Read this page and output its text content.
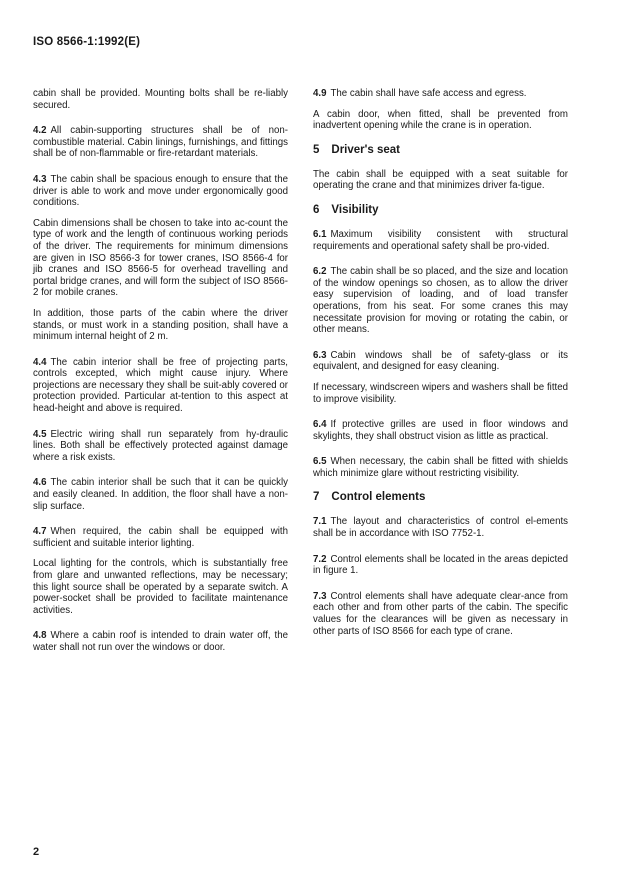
ISO 8566-1:1992(E)

cabin shall be provided. Mounting bolts shall be re-liably secured.

4.2 All cabin-supporting structures shall be of non-combustible material. Cabin linings, furnishings, and fittings shall be of non-flammable or fire-retardant materials.

4.3 The cabin shall be spacious enough to ensure that the driver is able to work and move under ergonomically good conditions.

Cabin dimensions shall be chosen to take into ac-count the type of work and the length of continuous working periods of the driver. The requirements for minimum dimensions are given in ISO 8566-3 for tower cranes, ISO 8566-4 for jib cranes and ISO 8566-5 for overhead travelling and portal bridge cranes, and will form the subject of ISO 8566-2 for mobile cranes.

In addition, those parts of the cabin where the driver stands, or must work in a standing position, shall have a minimum internal height of 2 m.

4.4 The cabin interior shall be free of projecting parts, controls excepted, which might cause injury. Where projections are necessary they shall be suit-ably covered or protection provided. Particular at-tention to this aspect at head-height and above is required.

4.5 Electric wiring shall run separately from hy-draulic lines. Both shall be effectively protected against damage where a risk exists.

4.6 The cabin interior shall be such that it can be quickly and easily cleaned. In addition, the floor shall have a non-slip surface.

4.7 When required, the cabin shall be equipped with sufficient and suitable interior lighting.

Local lighting for the controls, which is substantially free from glare and unwanted reflections, may be necessary; this light source shall be operated by a separate switch. A power-socket shall be provided to facilitate maintenance activities.

4.8 Where a cabin roof is intended to drain water off, the water shall not run over the windows or door.

4.9 The cabin shall have safe access and egress.

A cabin door, when fitted, shall be prevented from inadvertent opening while the crane is in operation.

5 Driver's seat

The cabin shall be equipped with a seat suitable for operating the crane and that minimizes driver fa-tigue.

6 Visibility

6.1 Maximum visibility consistent with structural requirements and operational safety shall be pro-vided.

6.2 The cabin shall be so placed, and the size and location of the window openings so chosen, as to allow the driver easy supervision of loading, and of load transfer operations, from his seat. For some cranes this may necessitate provision for moving or rotating the cabin, or other means.

6.3 Cabin windows shall be of safety-glass or its equivalent, and designed for easy cleaning.

If necessary, windscreen wipers and washers shall be fitted to improve visibility.

6.4 If protective grilles are used in floor windows and skylights, they shall obstruct vision as little as practical.

6.5 When necessary, the cabin shall be fitted with shields which minimize glare without restricting visibility.

7 Control elements

7.1 The layout and characteristics of control el-ements shall be in accordance with ISO 7752-1.

7.2 Control elements shall be located in the areas depicted in figure 1.

7.3 Control elements shall have adequate clear-ance from each other and from other parts of the cabin. The specific values for the clearances will be given as necessary in other parts of ISO 8566 for each type of crane.

2
